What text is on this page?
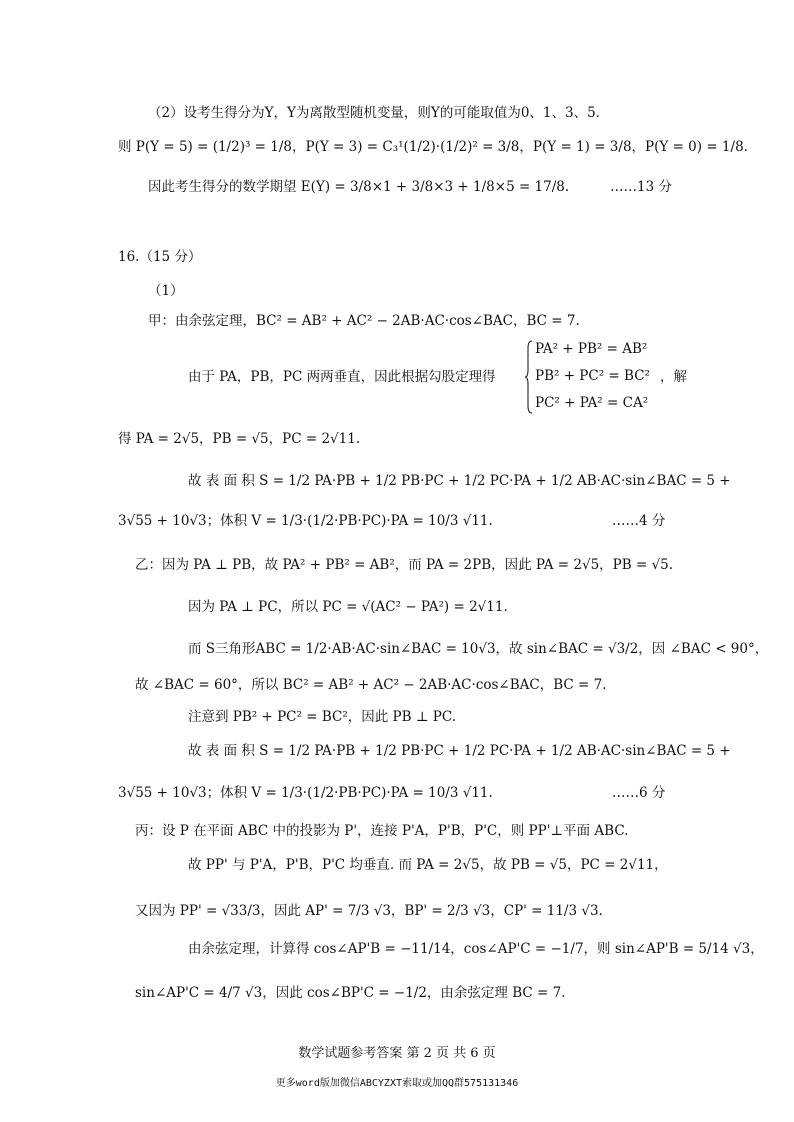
（2）设考生得分为Y，Y为离散型随机变量，则Y的可能取值为0、1、3、5.
则 P(Y = 5) = (1/2)³ = 1/8，P(Y = 3) = C₃¹(1/2)·(1/2)² = 3/8，P(Y = 1) = 3/8，P(Y = 0) = 1/8.
因此考生得分的数学期望 E(Y) = 3/8×1 + 3/8×3 + 1/8×5 = 17/8.	……13 分
16.（15 分）
（1）
甲：由余弦定理，BC² = AB² + AC² − 2AB·AC·cos∠BAC，BC = 7.
由于 PA，PB，PC 两两垂直，因此根据勾股定理得
PA² + PB² = AB²
PB² + PC² = BC²
PC² + PA² = CA²
，解
得 PA = 2√5，PB = √5，PC = 2√11.
故 表 面 积 S = 1/2 PA·PB + 1/2 PB·PC + 1/2 PC·PA + 1/2 AB·AC·sin∠BAC = 5 +
3√55 + 10√3；体积 V = 1/3·(1/2·PB·PC)·PA = 10/3 √11.	……4 分
乙：因为 PA ⊥ PB，故 PA² + PB² = AB²，而 PA = 2PB，因此 PA = 2√5，PB = √5.
因为 PA ⊥ PC，所以 PC = √(AC² − PA²) = 2√11.
而 S三角形ABC = 1/2·AB·AC·sin∠BAC = 10√3，故 sin∠BAC = √3/2，因 ∠BAC < 90°，
故 ∠BAC = 60°，所以 BC² = AB² + AC² − 2AB·AC·cos∠BAC，BC = 7.
注意到 PB² + PC² = BC²，因此 PB ⊥ PC.
故 表 面 积 S = 1/2 PA·PB + 1/2 PB·PC + 1/2 PC·PA + 1/2 AB·AC·sin∠BAC = 5 +
3√55 + 10√3；体积 V = 1/3·(1/2·PB·PC)·PA = 10/3 √11.	……6 分
丙：设 P 在平面 ABC 中的投影为 P'，连接 P'A，P'B，P'C，则 PP'⊥平面 ABC.
故 PP' 与 P'A，P'B，P'C 均垂直. 而 PA = 2√5，故 PB = √5，PC = 2√11，
又因为 PP' = √33/3，因此 AP' = 7/3 √3，BP' = 2/3 √3，CP' = 11/3 √3.
由余弦定理，计算得 cos∠AP'B = −11/14，cos∠AP'C = −1/7，则 sin∠AP'B = 5/14 √3，
sin∠AP'C = 4/7 √3，因此 cos∠BP'C = −1/2，由余弦定理 BC = 7.
数学试题参考答案 第 2 页 共 6 页
更多word版加微信ABCYZXT索取或加QQ群575131346
